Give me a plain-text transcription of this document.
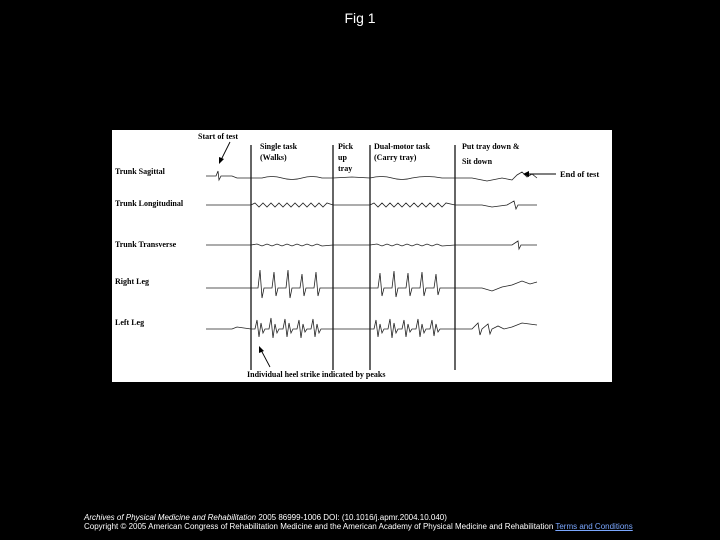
Fig 1
Trunk Sagittal
Trunk Longitudinal
Trunk Transverse
Right Leg
Left Leg
Start of test
Single task
(Walks)
Pick
up
tray
Dual-motor task
(Carry tray)
Put tray down &
Sit down
End of test
Individual heel strike indicated by peaks
Archives of Physical Medicine and Rehabilitation 2005 86999-1006 DOI: (10.1016/j.apmr.2004.10.040)
Copyright © 2005 American Congress of Rehabilitation Medicine and the American Academy of Physical Medicine and Rehabilitation Terms and Conditions
